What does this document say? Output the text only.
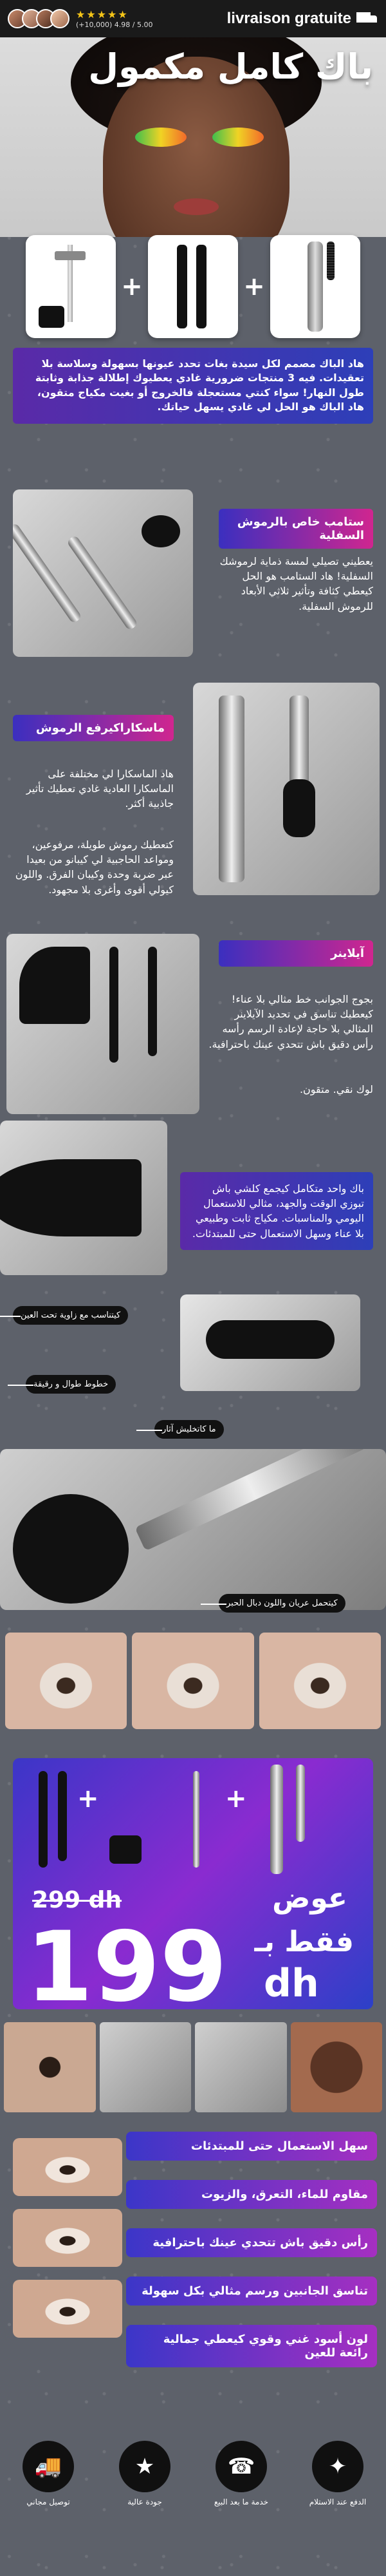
★★★★★
(+10,000) 4.98 / 5.00	livraison gratuite
باك كامل مكمول
+	+
هاد الباك مصمم لكل سيدة بغات تحدد عيونها بسهولة وسلاسة بلا تعقيدات. فيه 3 منتجات ضرورية غادي يعطيوك إطلالة جذابة وثابتة طول النهار! سواء كنتي مستعجلة فالخروج أو بغيت مكياج متقون، هاد الباك هو الحل لي غادي يسهل حياتك.
ستامب خاص بالرموش السفلية
يعطيني تصيلي لمسة ذماية لرموشك السفلية! هاد الستامب هو الحل كيعطي كثافة وتأثير ثلاثي الأبعاد للرموش السفلية.
ماسكاراكيرفع الرموش
هاد الماسكارا لي مختلفة على الماسكارا العادية غادي تعطيك تأثير جاذبية أكثر.
كتعطيك رموش طويلة، مرفوعين، ومواعد الحاجبية لي كيبانو من بعيدا عبر ضربة وحدة وكيبان الفرق. واللون كيولي أقوى وأغرى بلا مجهود.
آيلاينر
بجوج الجوانب خط مثالي بلا عناء! كيعطيك تناسق في تحديد الآيلاينر المثالي بلا حاجة لإعادة الرسم رأسه رأس دقيق باش تتحدي عينك باحترافية.
لوك نقي. متقون.
باك واحد متكامل كيجمع كلشي باش تبوزي الوقت والجهد، مثالي للاستعمال اليومي والمناسبات. مكياج ثابت وطبيعي بلا عناء وسهل الاستعمال حتى للمبتدئات.
كيتناسب مع زاوية تحت العين
خطوط طوال و رقيقة
ما كاتخليش آثار
كيتحمل عريان واللون دبال الحبر
+	+
299 dh	عوض
فقط بـ
199 dh
سهل الاستعمال حتى للمبتدئات
مقاوم للماء، التعرق، والزيوت
رأس دقيق باش تتحدي عينك باحترافية
تناسق الجانبين ورسم مثالي بكل سهولة
لون أسود غني وقوي كيعطي جمالية رائعة للعين
🚚
توصيل مجاني
★
جودة عالية
☎
خدمة ما بعد البيع
✦
الدفع عند الاستلام
